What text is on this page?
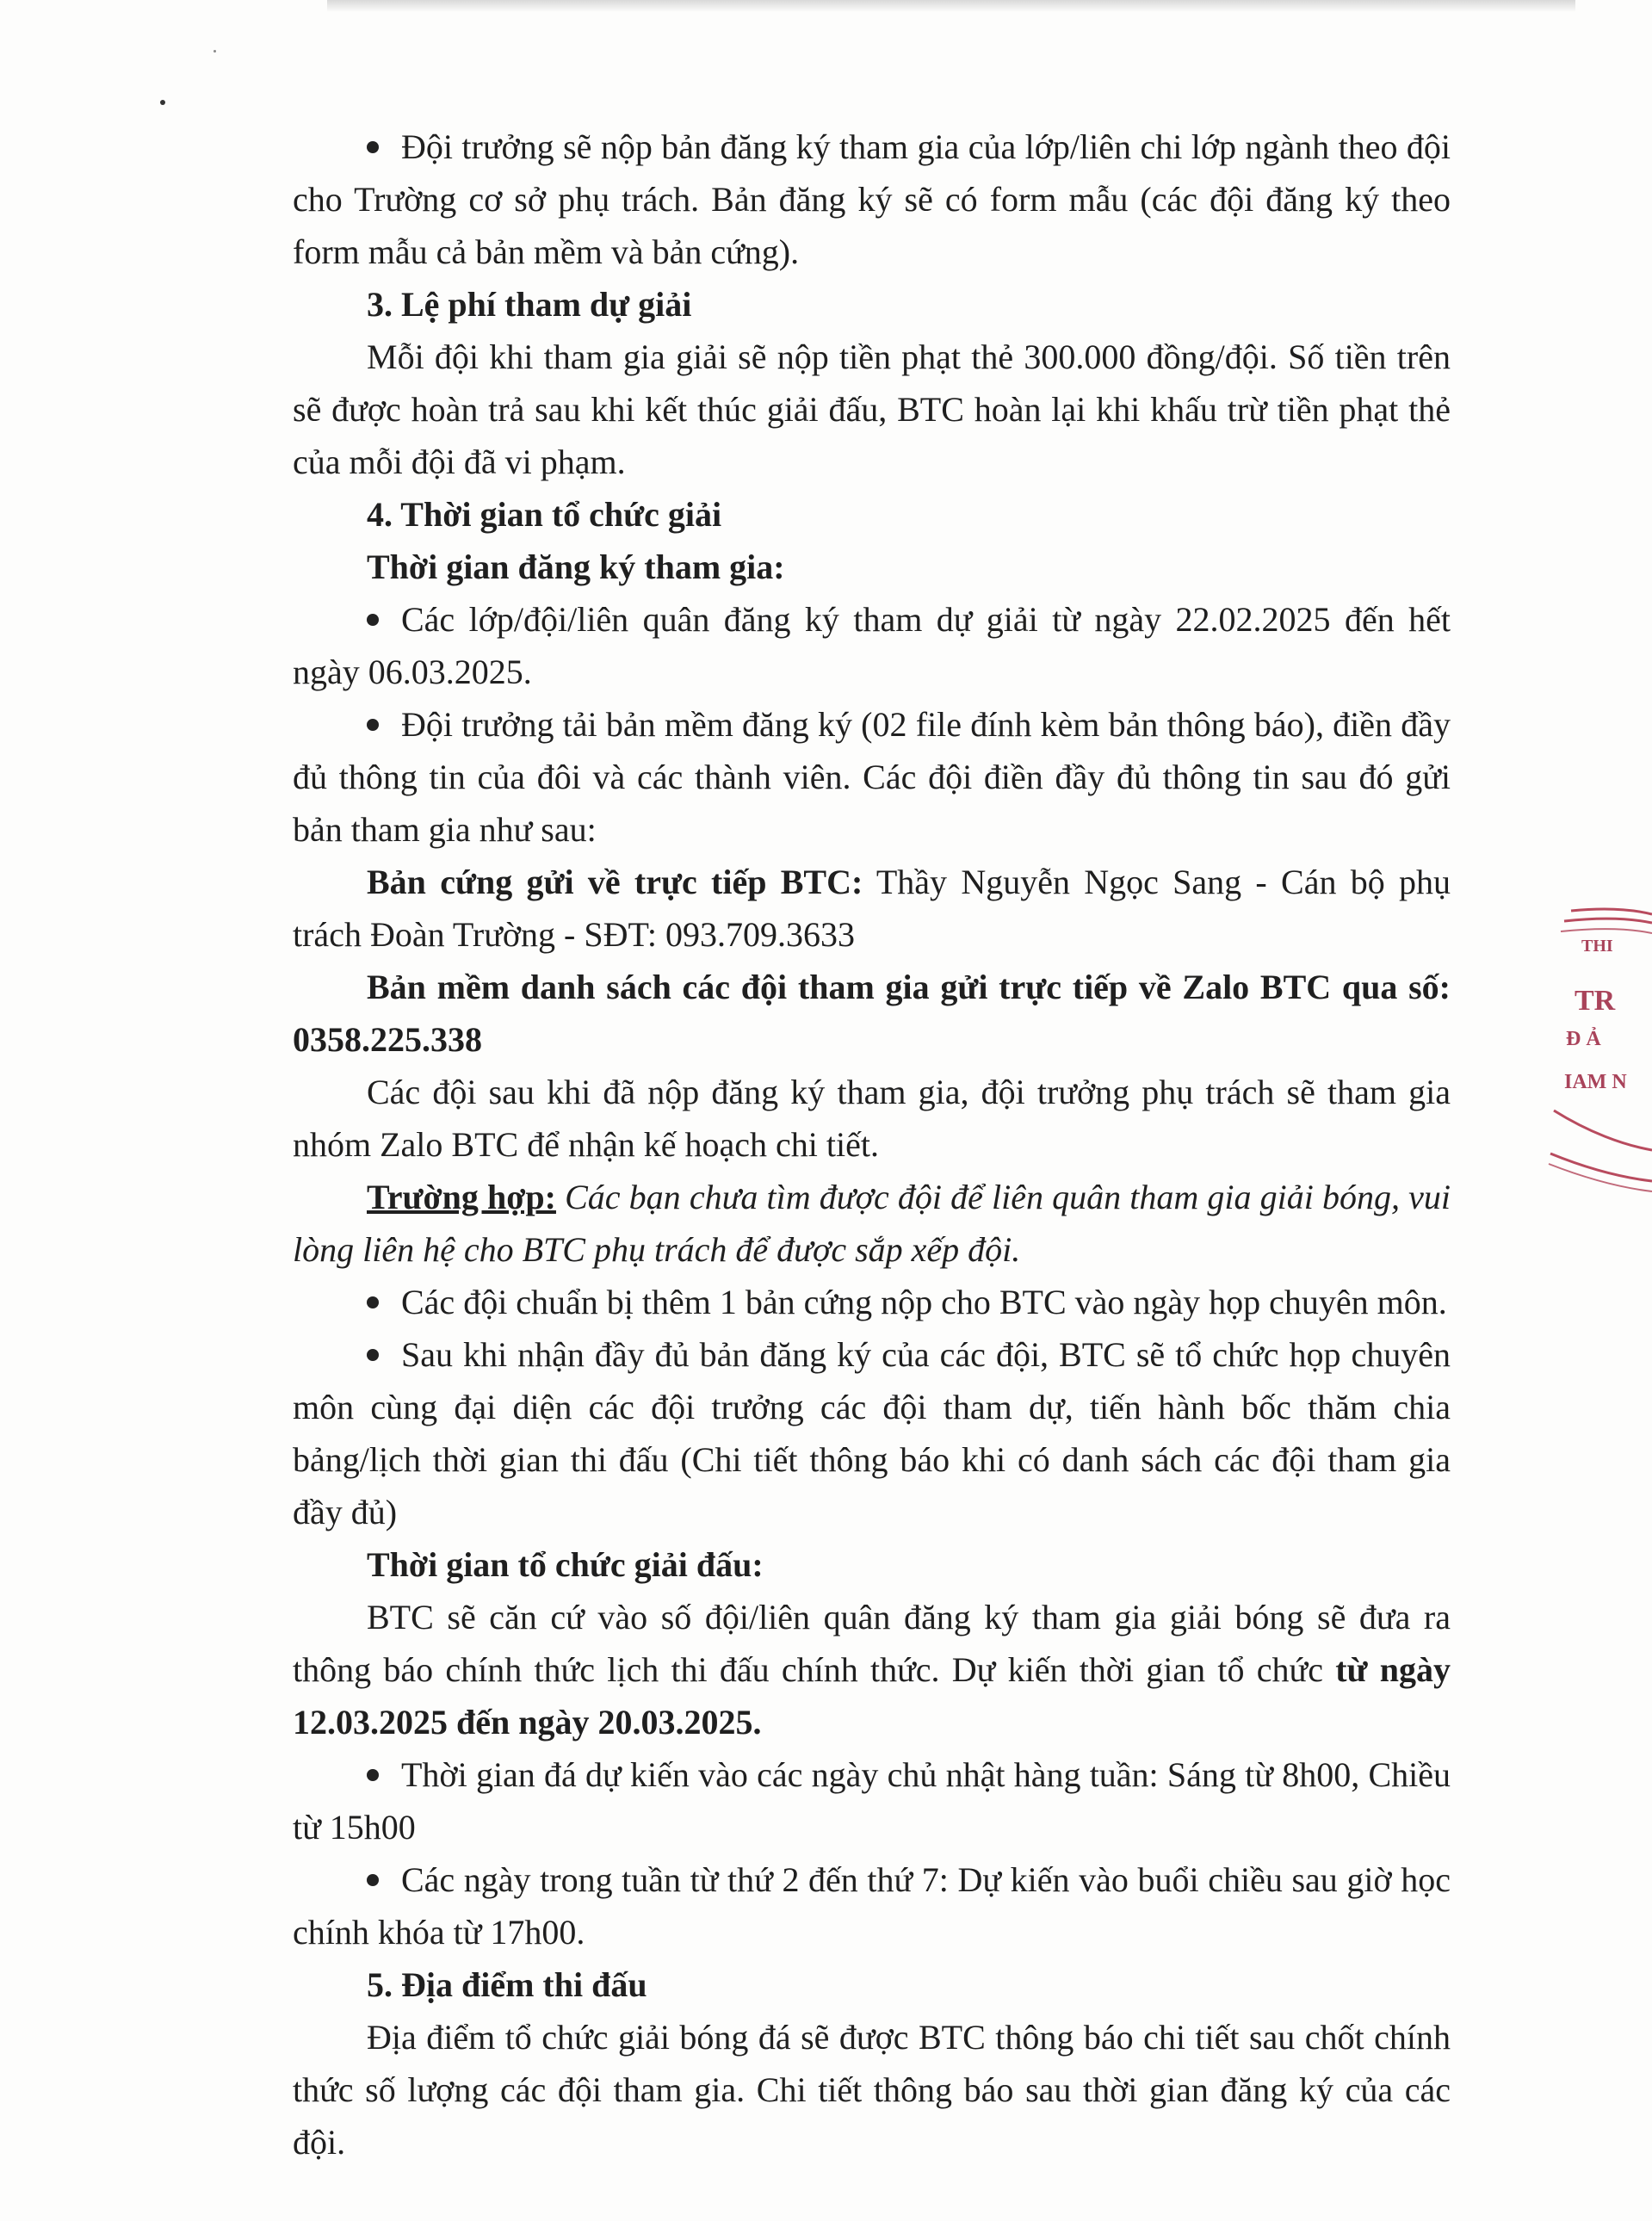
Đội trưởng sẽ nộp bản đăng ký tham gia của lớp/liên chi lớp ngành theo đội cho Trường cơ sở phụ trách. Bản đăng ký sẽ có form mẫu (các đội đăng ký theo form mẫu cả bản mềm và bản cứng).

3. Lệ phí tham dự giải

Mỗi đội khi tham gia giải sẽ nộp tiền phạt thẻ 300.000 đồng/đội. Số tiền trên sẽ được hoàn trả sau khi kết thúc giải đấu, BTC hoàn lại khi khấu trừ tiền phạt thẻ của mỗi đội đã vi phạm.

4. Thời gian tổ chức giải

Thời gian đăng ký tham gia:

Các lớp/đội/liên quân đăng ký tham dự giải từ ngày 22.02.2025 đến hết ngày 06.03.2025.

Đội trưởng tải bản mềm đăng ký (02 file đính kèm bản thông báo), điền đầy đủ thông tin của đôi và các thành viên. Các đội điền đầy đủ thông tin sau đó gửi bản tham gia như sau:

Bản cứng gửi về trực tiếp BTC: Thầy Nguyễn Ngọc Sang - Cán bộ phụ trách Đoàn Trường - SĐT: 093.709.3633

Bản mềm danh sách các đội tham gia gửi trực tiếp về Zalo BTC qua số: 0358.225.338

Các đội sau khi đã nộp đăng ký tham gia, đội trưởng phụ trách sẽ tham gia nhóm Zalo BTC để nhận kế hoạch chi tiết.

Trường hợp: Các bạn chưa tìm được đội để liên quân tham gia giải bóng, vui lòng liên hệ cho BTC phụ trách để được sắp xếp đội.

Các đội chuẩn bị thêm 1 bản cứng nộp cho BTC vào ngày họp chuyên môn.

Sau khi nhận đầy đủ bản đăng ký của các đội, BTC sẽ tổ chức họp chuyên môn cùng đại diện các đội trưởng các đội tham dự, tiến hành bốc thăm chia bảng/lịch thời gian thi đấu (Chi tiết thông báo khi có danh sách các đội tham gia đầy đủ)

Thời gian tổ chức giải đấu:

BTC sẽ căn cứ vào số đội/liên quân đăng ký tham gia giải bóng sẽ đưa ra thông báo chính thức lịch thi đấu chính thức. Dự kiến thời gian tổ chức từ ngày 12.03.2025 đến ngày 20.03.2025.

Thời gian đá dự kiến vào các ngày chủ nhật hàng tuần: Sáng từ 8h00, Chiều từ 15h00

Các ngày trong tuần từ thứ 2 đến thứ 7: Dự kiến vào buổi chiều sau giờ học chính khóa từ 17h00.

5. Địa điểm thi đấu

Địa điểm tổ chức giải bóng đá sẽ được BTC thông báo chi tiết sau chốt chính thức số lượng các đội tham gia. Chi tiết thông báo sau thời gian đăng ký của các đội.

THI
TR
Đ Ả
IAM N
